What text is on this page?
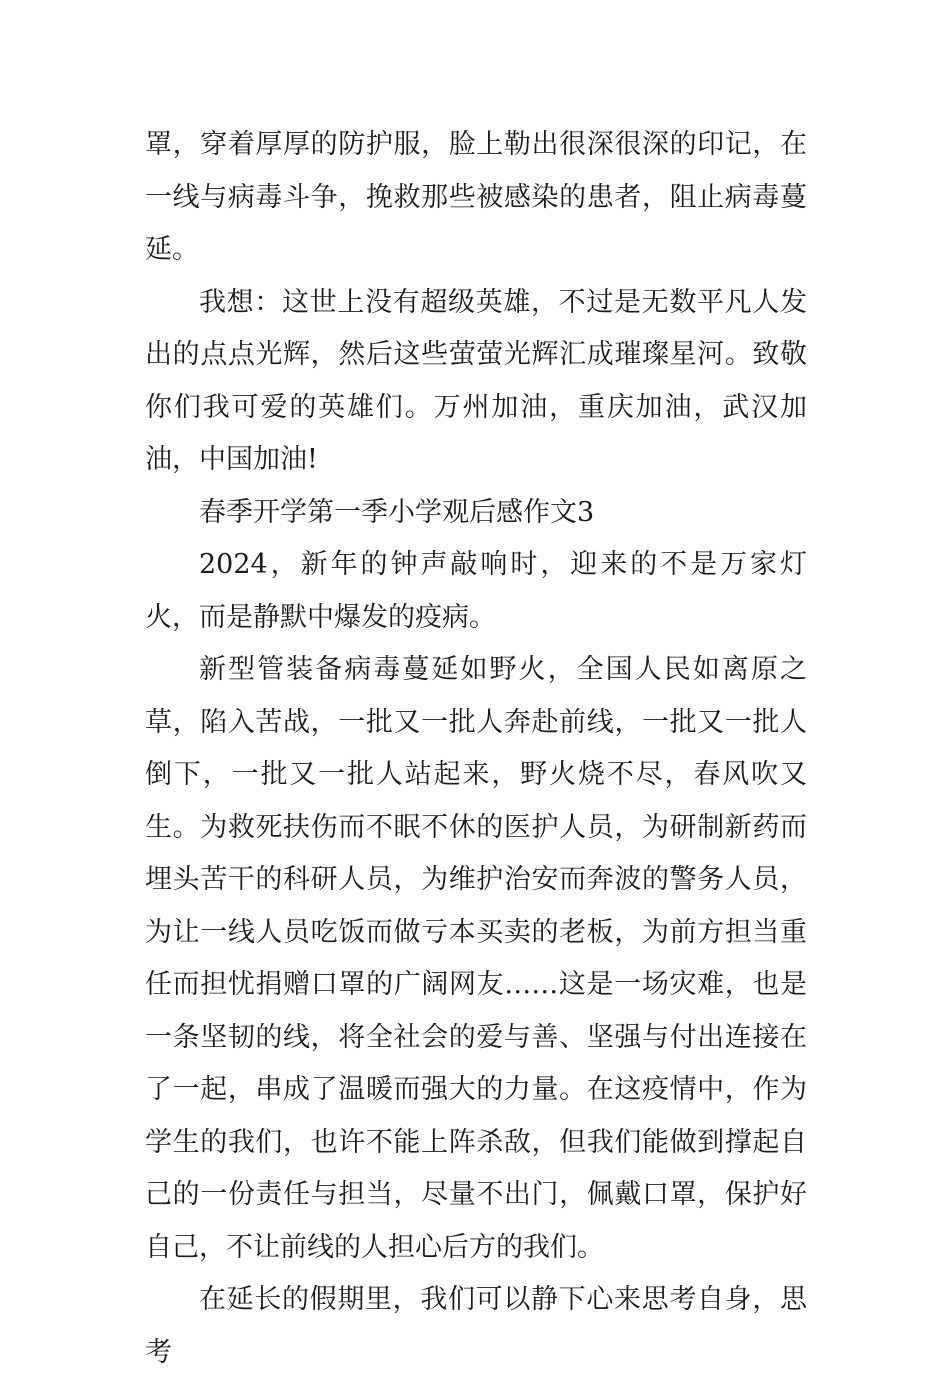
罩，穿着厚厚的防护服，脸上勒出很深很深的印记，在一线与病毒斗争，挽救那些被感染的患者，阻止病毒蔓延。

我想：这世上没有超级英雄，不过是无数平凡人发出的点点光辉，然后这些萤萤光辉汇成璀璨星河。致敬你们我可爱的英雄们。万州加油，重庆加油，武汉加油，中国加油!

春季开学第一季小学观后感作文3

2024，新年的钟声敲响时，迎来的不是万家灯火，而是静默中爆发的疫病。

新型管装备病毒蔓延如野火，全国人民如离原之草，陷入苦战，一批又一批人奔赴前线，一批又一批人倒下，一批又一批人站起来，野火烧不尽，春风吹又生。为救死扶伤而不眠不休的医护人员，为研制新药而埋头苦干的科研人员，为维护治安而奔波的警务人员，为让一线人员吃饭而做亏本买卖的老板，为前方担当重任而担忧捐赠口罩的广阔网友……这是一场灾难，也是一条坚韧的线，将全社会的爱与善、坚强与付出连接在了一起，串成了温暖而强大的力量。在这疫情中，作为学生的我们，也许不能上阵杀敌，但我们能做到撑起自己的一份责任与担当，尽量不出门，佩戴口罩，保护好自己，不让前线的人担心后方的我们。

在延长的假期里，我们可以静下心来思考自身，思考
